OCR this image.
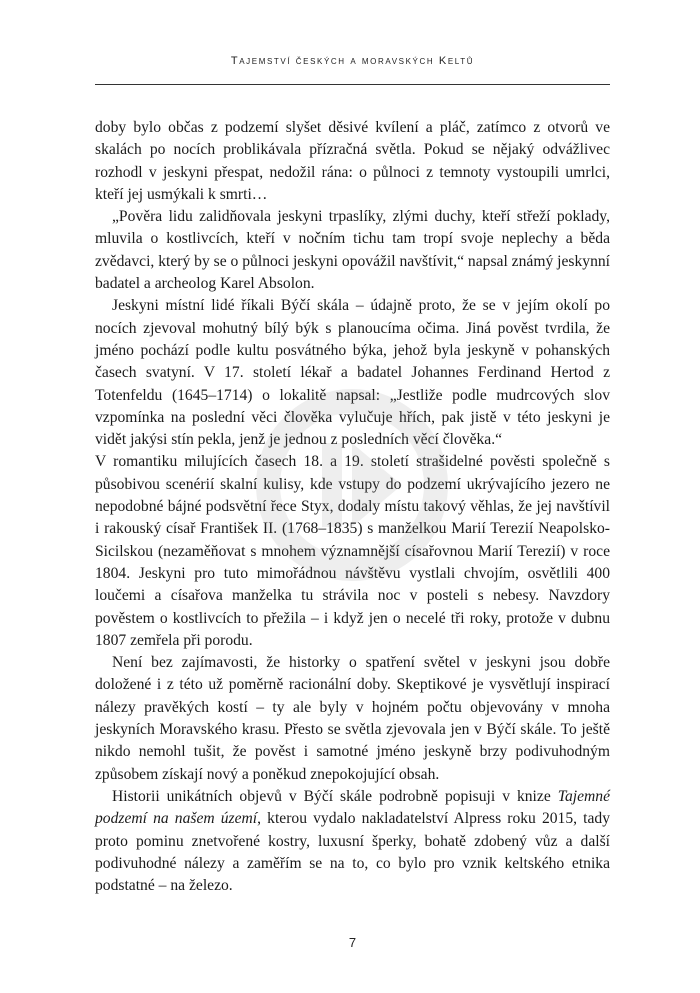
Tajemství českých a moravských Keltů

doby bylo občas z podzemí slyšet děsivé kvílení a pláč, zatímco z otvorů ve skalách po nocích problikávala přízračná světla. Pokud se nějaký odvážlivec rozhodl v jeskyni přespat, nedožil rána: o půlnoci z temnoty vystoupili umrlci, kteří jej usmýkali k smrti…

„Pověra lidu zalidňovala jeskyni trpaslíky, zlými duchy, kteří střeží poklady, mluvila o kostlivcích, kteří v nočním tichu tam tropí svoje neplechy a běda zvědavci, který by se o půlnoci jeskyni opovážil navštívit,“ napsal známý jeskynní badatel a archeolog Karel Absolon.

Jeskyni místní lidé říkali Býčí skála – údajně proto, že se v jejím okolí po nocích zjevoval mohutný bílý býk s planoucíma očima. Jiná pověst tvrdila, že jméno pochází podle kultu posvátného býka, jehož byla jeskyně v pohanských časech svatyní. V 17. století lékař a badatel Johannes Ferdinand Hertod z Totenfeldu (1645–1714) o lokalitě napsal: „Jestliže podle mudrcových slov vzpomínka na poslední věci člověka vylučuje hřích, pak jistě v této jeskyni je vidět jakýsi stín pekla, jenž je jednou z posledních věcí člověka.“

V romantiku milujících časech 18. a 19. století strašidelné pověsti společně s působivou scenérií skalní kulisy, kde vstupy do podzemí ukrývajícího jezero ne nepodobné bájné podsvětní řece Styx, dodaly místu takový věhlas, že jej navštívil i rakouský císař František II. (1768–1835) s manželkou Marií Terezií Neapolsko-Sicilskou (nezaměňovat s mnohem významnější císařovnou Marií Terezií) v roce 1804. Jeskyni pro tuto mimořádnou návštěvu vystlali chvojím, osvětlili 400 loučemi a císařova manželka tu strávila noc v posteli s nebesy. Navzdory pověstem o kostlivcích to přežila – i když jen o necelé tři roky, protože v dubnu 1807 zemřela při porodu.

Není bez zajímavosti, že historky o spatření světel v jeskyni jsou dobře doložené i z této už poměrně racionální doby. Skeptikové je vysvětlují inspirací nálezy pravěkých kostí – ty ale byly v hojném počtu objevovány v mnoha jeskyních Moravského krasu. Přesto se světla zjevovala jen v Býčí skále. To ještě nikdo nemohl tušit, že pověst i samotné jméno jeskyně brzy podivuhodným způsobem získají nový a poněkud znepokojující obsah.

Historii unikátních objevů v Býčí skále podrobně popisuji v knize Tajemné podzemí na našem území, kterou vydalo nakladatelství Alpress roku 2015, tady proto pominu znetvořené kostry, luxusní šperky, bohatě zdobený vůz a další podivuhodné nálezy a zaměřím se na to, co bylo pro vznik keltského etnika podstatné – na železo.

7
